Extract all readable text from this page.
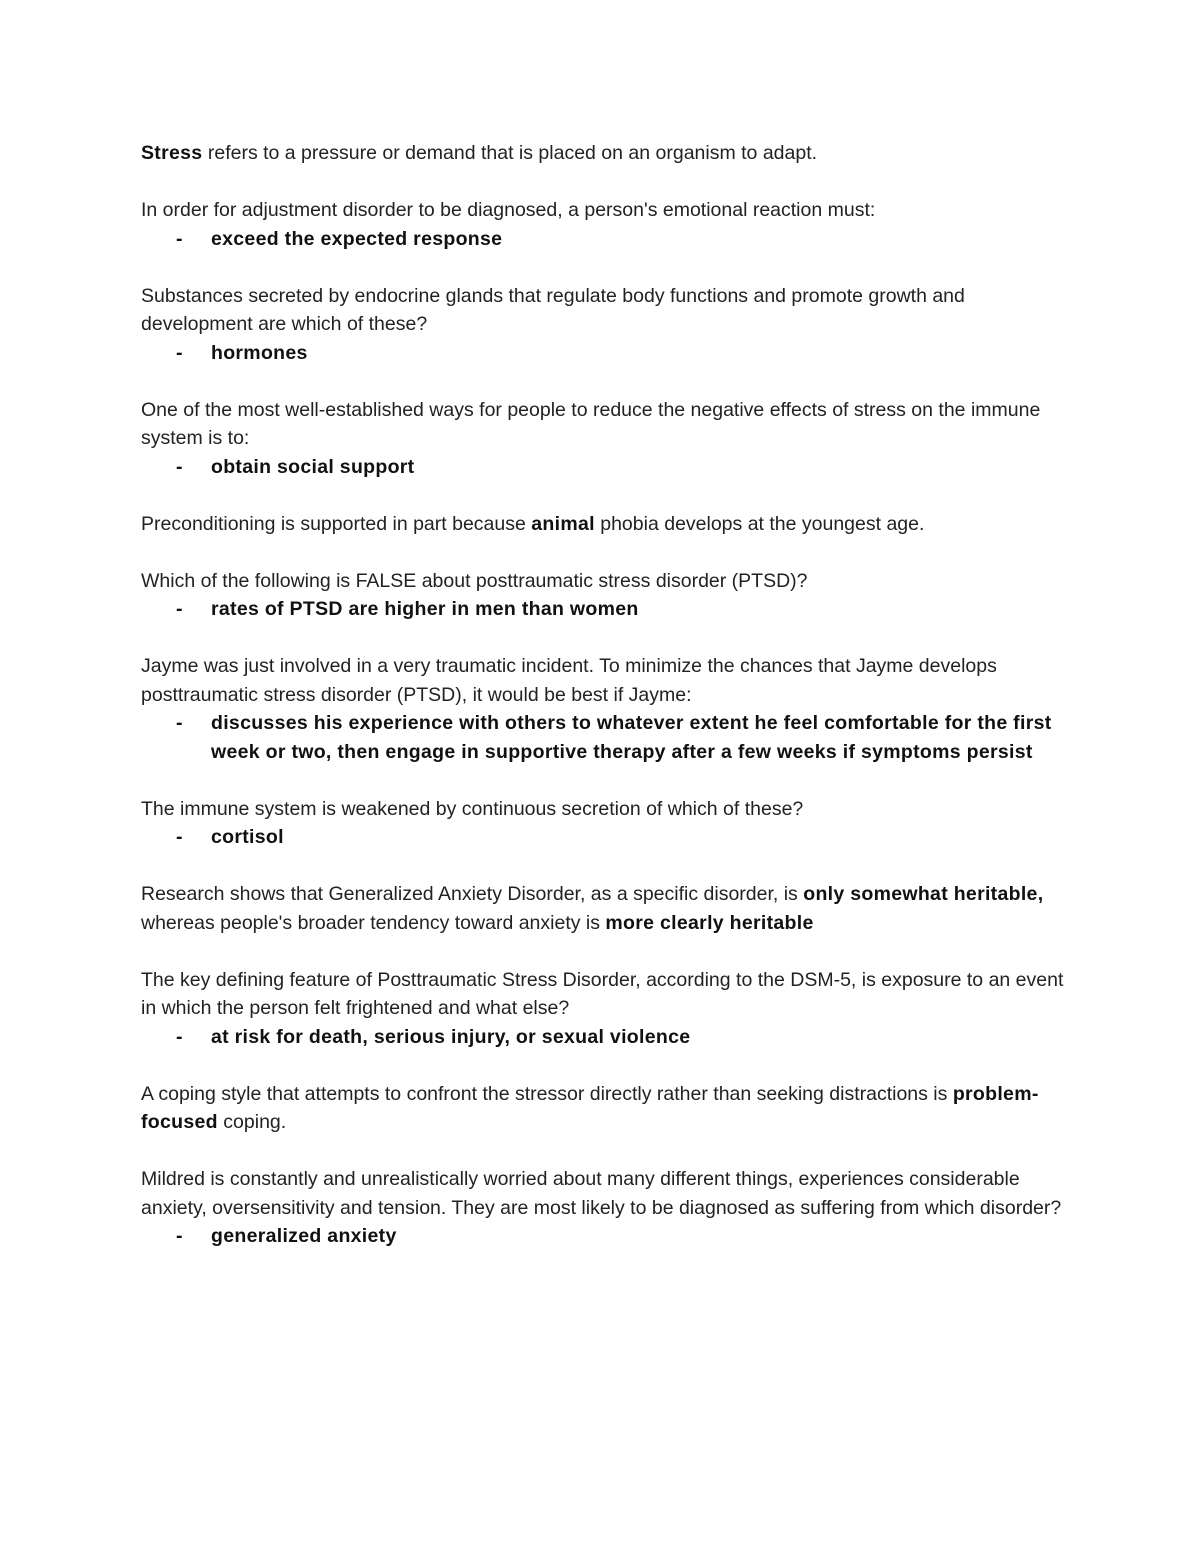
Stress refers to a pressure or demand that is placed on an organism to adapt.

In order for adjustment disorder to be diagnosed, a person's emotional reaction must:

- exceed the expected response

Substances secreted by endocrine glands that regulate body functions and promote growth and development are which of these?

- hormones

One of the most well-established ways for people to reduce the negative effects of stress on the immune system is to:

- obtain social support

Preconditioning is supported in part because animal phobia develops at the youngest age.

Which of the following is FALSE about posttraumatic stress disorder (PTSD)?

- rates of PTSD are higher in men than women

Jayme was just involved in a very traumatic incident. To minimize the chances that Jayme develops posttraumatic stress disorder (PTSD), it would be best if Jayme:

- discusses his experience with others to whatever extent he feel comfortable for the first week or two, then engage in supportive therapy after a few weeks if symptoms persist

The immune system is weakened by continuous secretion of which of these?

- cortisol

Research shows that Generalized Anxiety Disorder, as a specific disorder, is only somewhat heritable, whereas people's broader tendency toward anxiety is more clearly heritable

The key defining feature of Posttraumatic Stress Disorder, according to the DSM-5, is exposure to an event in which the person felt frightened and what else?

- at risk for death, serious injury, or sexual violence

A coping style that attempts to confront the stressor directly rather than seeking distractions is problem-focused coping.

Mildred is constantly and unrealistically worried about many different things, experiences considerable anxiety, oversensitivity and tension. They are most likely to be diagnosed as suffering from which disorder?

- generalized anxiety
